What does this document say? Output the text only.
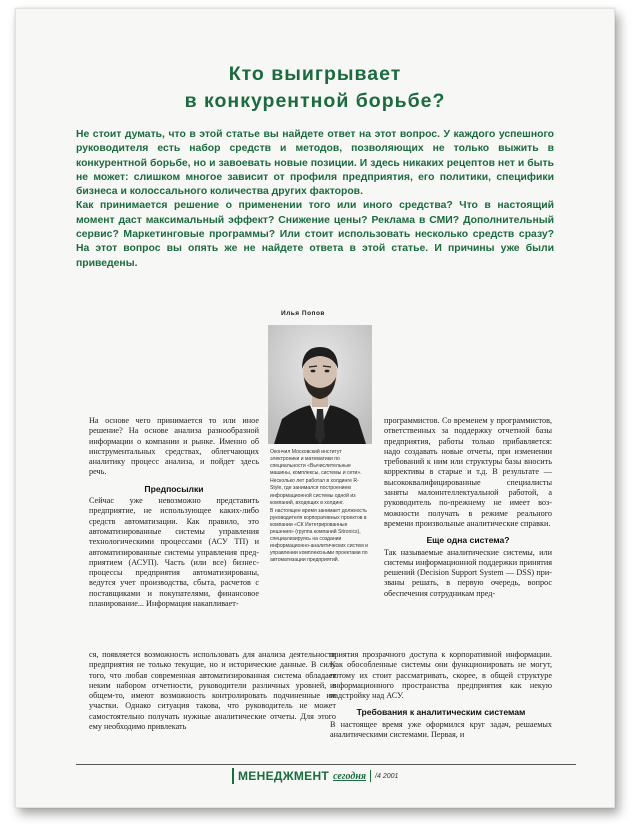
Кто выигрывает
в конкурентной борьбе?

Не стоит думать, что в этой статье вы найдете ответ на этот вопрос. У каждого успешного руководителя есть набор средств и методов, позволяющих не только выжить в конкурентной борьбе, но и завоевать новые позиции. И здесь никаких рецептов нет и быть не может: слишком многое зависит от профиля предприятия, его политики, специфики бизнеса и колоссального количества других факторов.

Как принимается решение о применении того или иного средства? Что в настоящий момент даст максимальный эффект? Снижение цены? Реклама в СМИ? Дополнительный сервис? Маркетинговые программы? Или стоит использовать несколько средств сразу? На этот вопрос вы опять же не найдете ответа в этой статье. И причины уже были приведены.

Илья Попов

Окончил Московский институт электроники и математики по специальности «Вычислительные машины, комплексы, системы и сети».

Несколько лет работал в холдинге R-Style, где занимался построением информационной системы одной из компаний, входящих в холдинг.

В настоящее время занимает должность руководителя корпоративных проектов в компании «СК Интегрированные решения» (группа компаний Sitronics), специализируясь на создании информационно-аналитических систем и управлении комплексными проектами по автоматизации предприятий.

На основе чего принимается то или иное решение? На основе анализа разнообразной информации о компании и рынке. Именно об инструментальных средствах, облегчающих аналитику процесс анализа, и пойдет здесь речь.

Предпосылки

Сейчас уже невозможно представить предприятие, не использующее каких-либо средств автоматизации. Как правило, это автоматизированные системы управления технологическими процессами (АСУ ТП) и автоматизированные системы управления предприятием (АСУП). Часть (или все) бизнес-процессы предприятия автоматизированы, ведутся учет производства, сбыта, расчетов с поставщиками и покупателями, финансовое планирование... Информация накапливает-

ся, появляется возможность использовать для анализа деятельности предприятия не только текущие, но и исторические данные. В силу того, что любая современная автоматизированная система обладает неким набором отчетности, руководители различных уровней, в общем-то, имеют возможность контролировать подчиненные им участки. Однако ситуация такова, что руководитель не может самостоятельно получать нужные аналитические отчеты. Для этого ему необходимо привлекать

программистов. Со временем у программистов, ответственных за поддержку отчетной базы предприятия, работы только прибавляется: надо создавать новые отчеты, при изменении требований к ним или структуры базы вносить коррективы в старые и т.д. В результате — высококвалифицированные специалисты заняты малоинтеллектуальной работой, а руководитель по-прежнему не имеет возможности получать в режиме реального времени произвольные аналитические справки.

Еще одна система?

Так называемые аналитические системы, или системы информационной поддержки принятия решений (Decision Support System — DSS) призваны решать, в первую очередь, вопрос обеспечения сотрудникам пред-

приятия прозрачного доступа к корпоративной информации. Как обособленные системы они функционировать не могут, потому их стоит рассматривать, скорее, в общей структуре информационного пространства предприятия как некую надстройку над АСУ.

Требования к аналитическим системам

В настоящее время уже оформился круг задач, решаемых аналитическими системами. Первая, и

МЕНЕДЖМЕНТ сегодня /4 2001
